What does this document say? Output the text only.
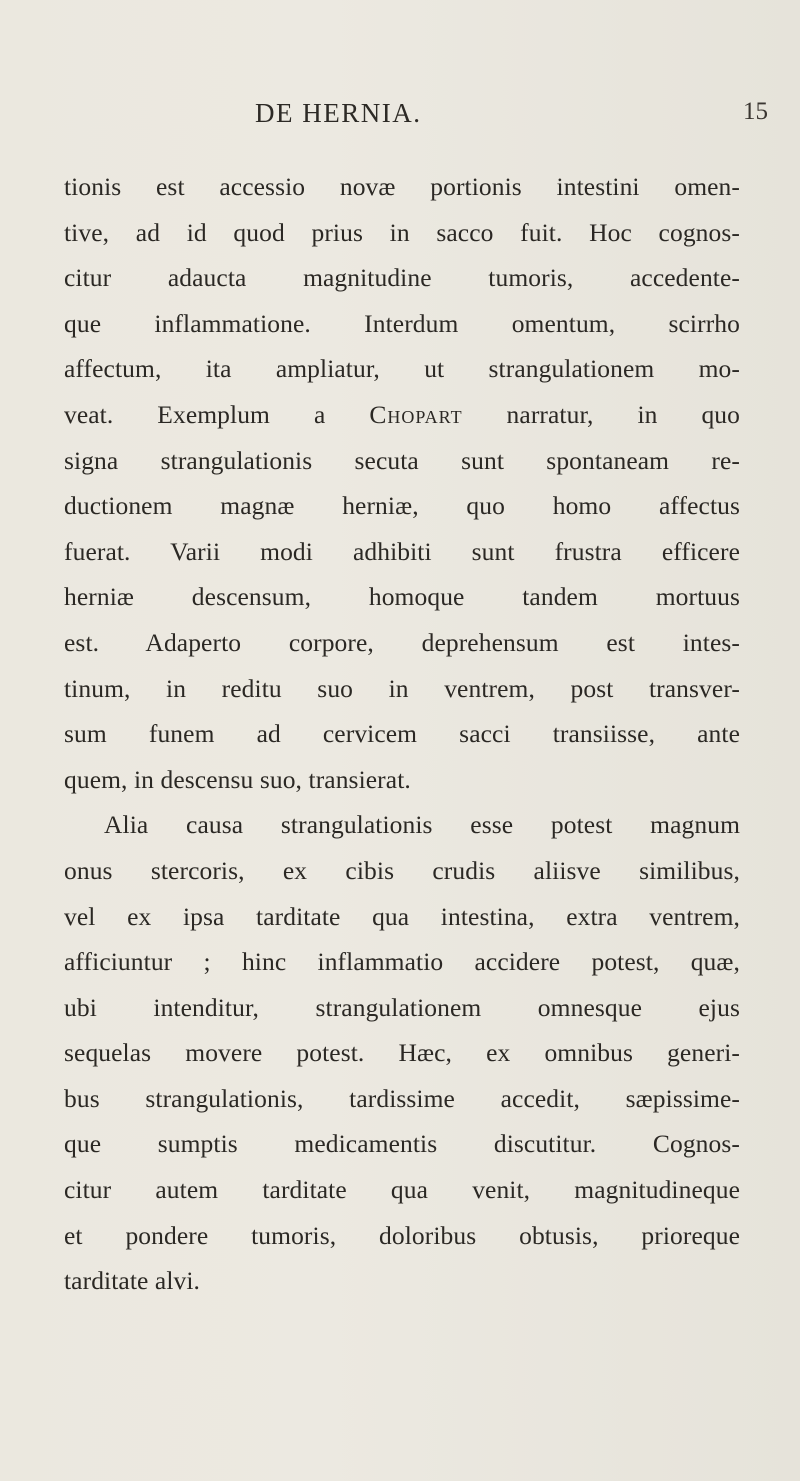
DE HERNIA.	15
tionis est accessio novæ portionis intestini omen-
tive, ad id quod prius in sacco fuit. Hoc cognos-
citur adaucta magnitudine tumoris, accedente-
que inflammatione. Interdum omentum, scirrho
affectum, ita ampliatur, ut strangulationem mo-
veat. Exemplum a Chopart narratur, in quo
signa strangulationis secuta sunt spontaneam re-
ductionem magnæ herniæ, quo homo affectus
fuerat. Varii modi adhibiti sunt frustra efficere
herniæ descensum, homoque tandem mortuus
est. Adaperto corpore, deprehensum est intes-
tinum, in reditu suo in ventrem, post transver-
sum funem ad cervicem sacci transiisse, ante
quem, in descensu suo, transierat.
Alia causa strangulationis esse potest magnum
onus stercoris, ex cibis crudis aliisve similibus,
vel ex ipsa tarditate qua intestina, extra ventrem,
afficiuntur ; hinc inflammatio accidere potest, quæ,
ubi intenditur, strangulationem omnesque ejus
sequelas movere potest. Hæc, ex omnibus generi-
bus strangulationis, tardissime accedit, sæpissime-
que sumptis medicamentis discutitur. Cognos-
citur autem tarditate qua venit, magnitudineque
et pondere tumoris, doloribus obtusis, prioreque
tarditate alvi.
